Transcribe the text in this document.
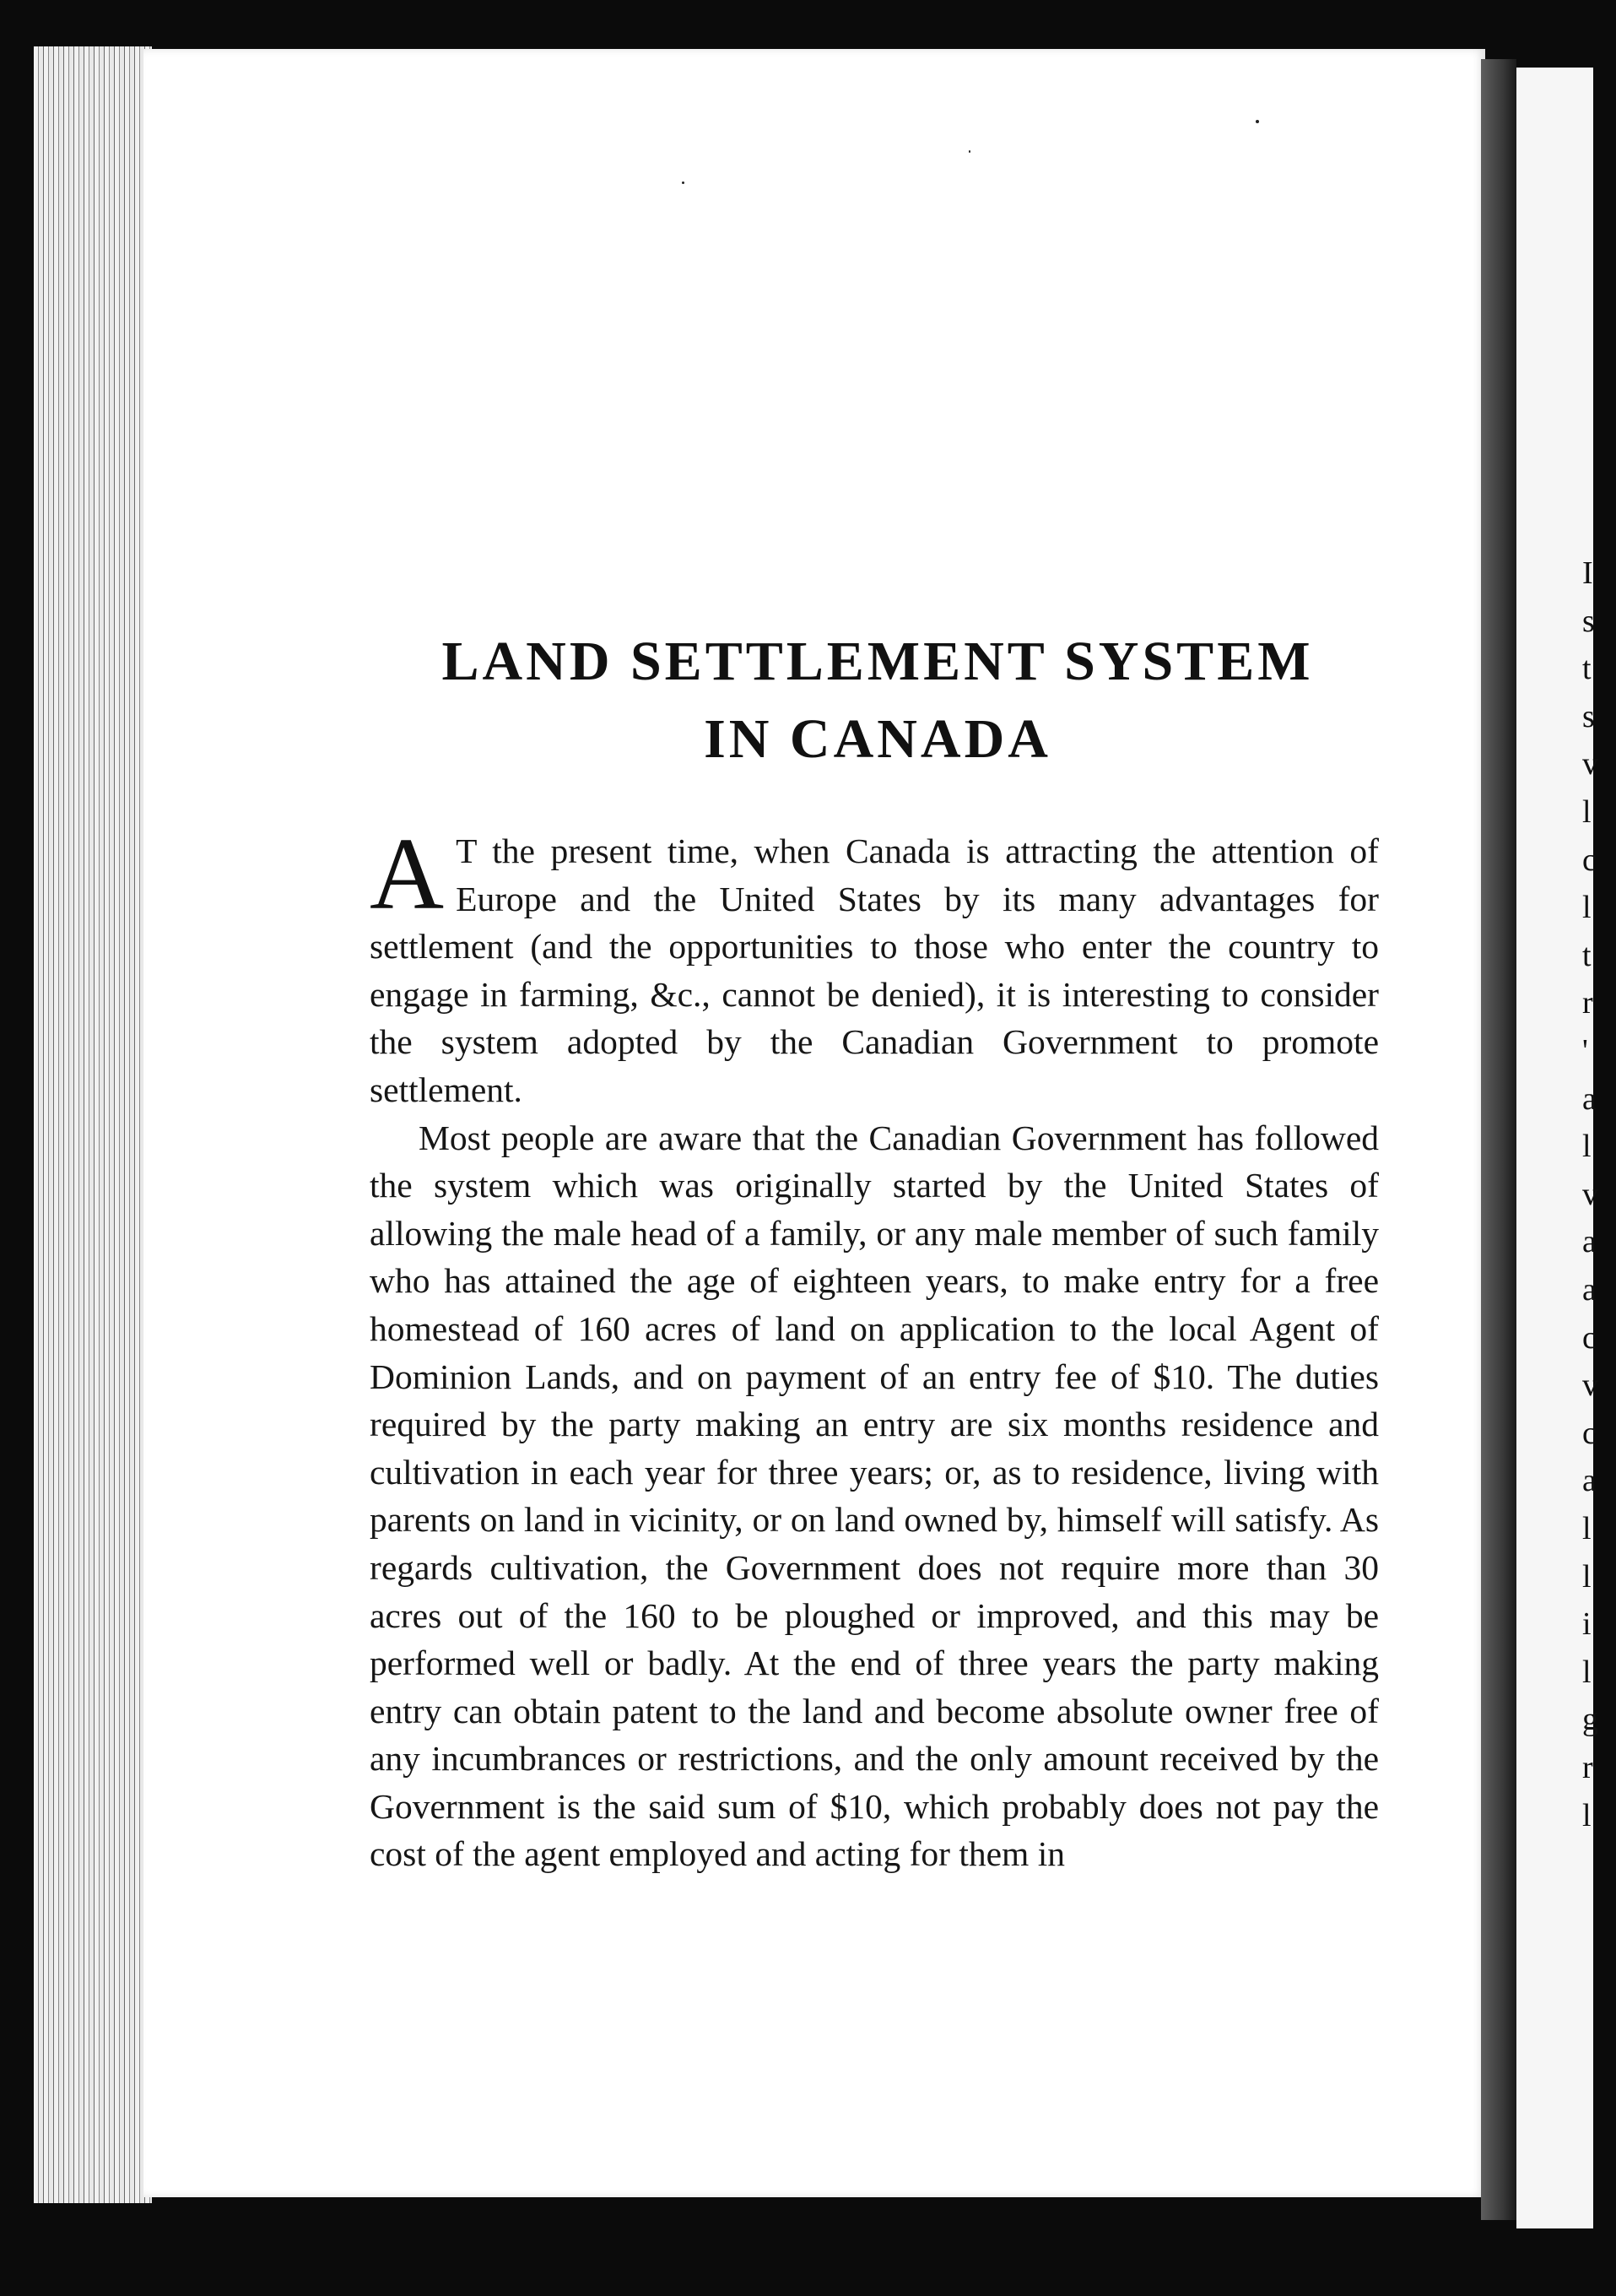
I
s
t
s
v
l
c
l
t
r
'
a
l
v
a
a
c
v
c
a
l
l
i
l
g
r
l
LAND SETTLEMENT SYSTEM
IN CANADA

A T the present time, when Canada is attracting the attention of Europe and the United States by its many advantages for settlement (and the opportunities to those who enter the country to engage in farming, &c., cannot be denied), it is interesting to consider the system adopted by the Canadian Government to promote settlement.

Most people are aware that the Canadian Government has followed the system which was originally started by the United States of allowing the male head of a family, or any male member of such family who has attained the age of eighteen years, to make entry for a free homestead of 160 acres of land on application to the local Agent of Dominion Lands, and on payment of an entry fee of $10. The duties required by the party making an entry are six months residence and cultivation in each year for three years; or, as to residence, living with parents on land in vicinity, or on land owned by, himself will satisfy. As regards cultivation, the Government does not require more than 30 acres out of the 160 to be ploughed or improved, and this may be performed well or badly. At the end of three years the party making entry can obtain patent to the land and become absolute owner free of any incumbrances or restrictions, and the only amount received by the Government is the said sum of $10, which probably does not pay the cost of the agent employed and acting for them in
